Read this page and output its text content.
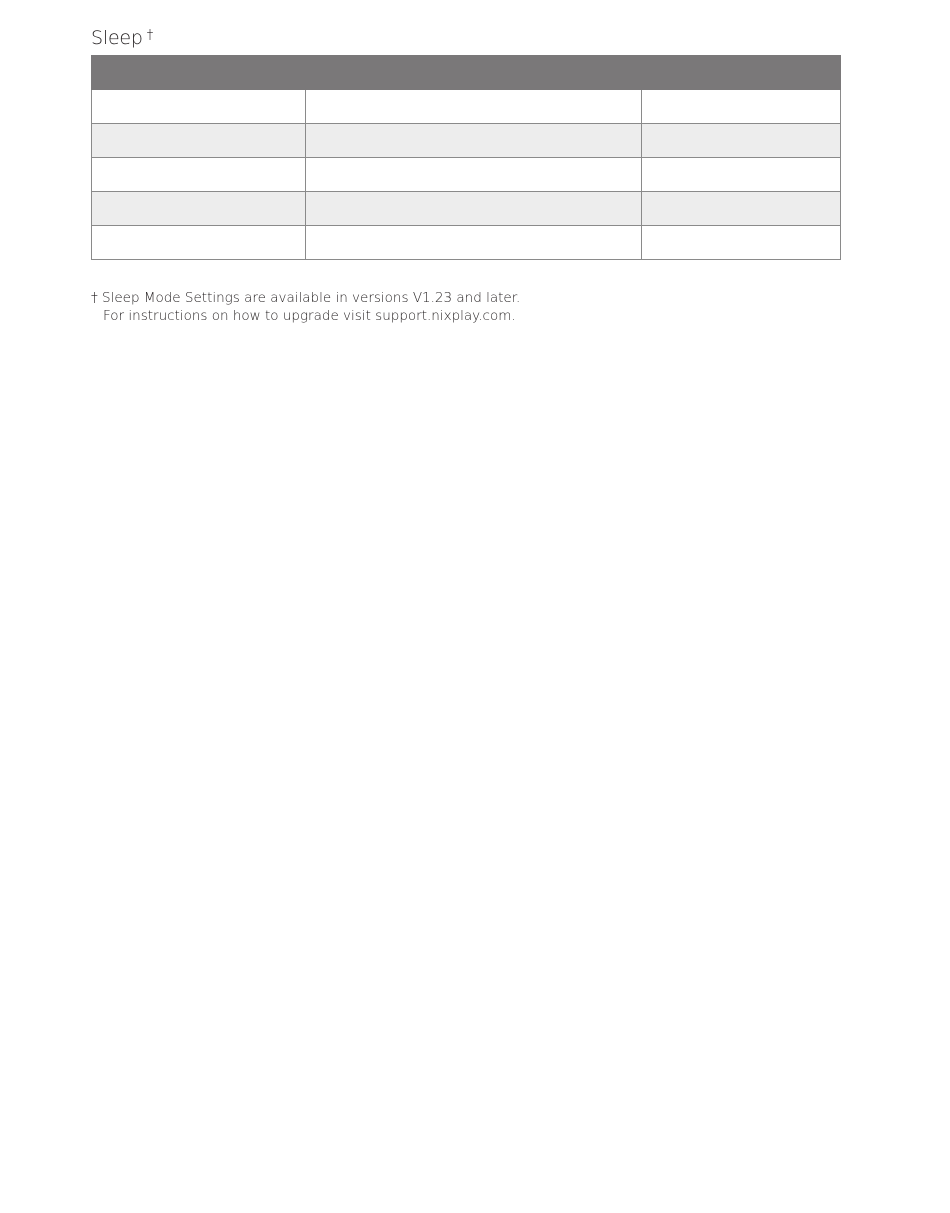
Sleep †

† Sleep Mode Settings are available in versions V1.23 and later.
For instructions on how to upgrade visit support.nixplay.com.
